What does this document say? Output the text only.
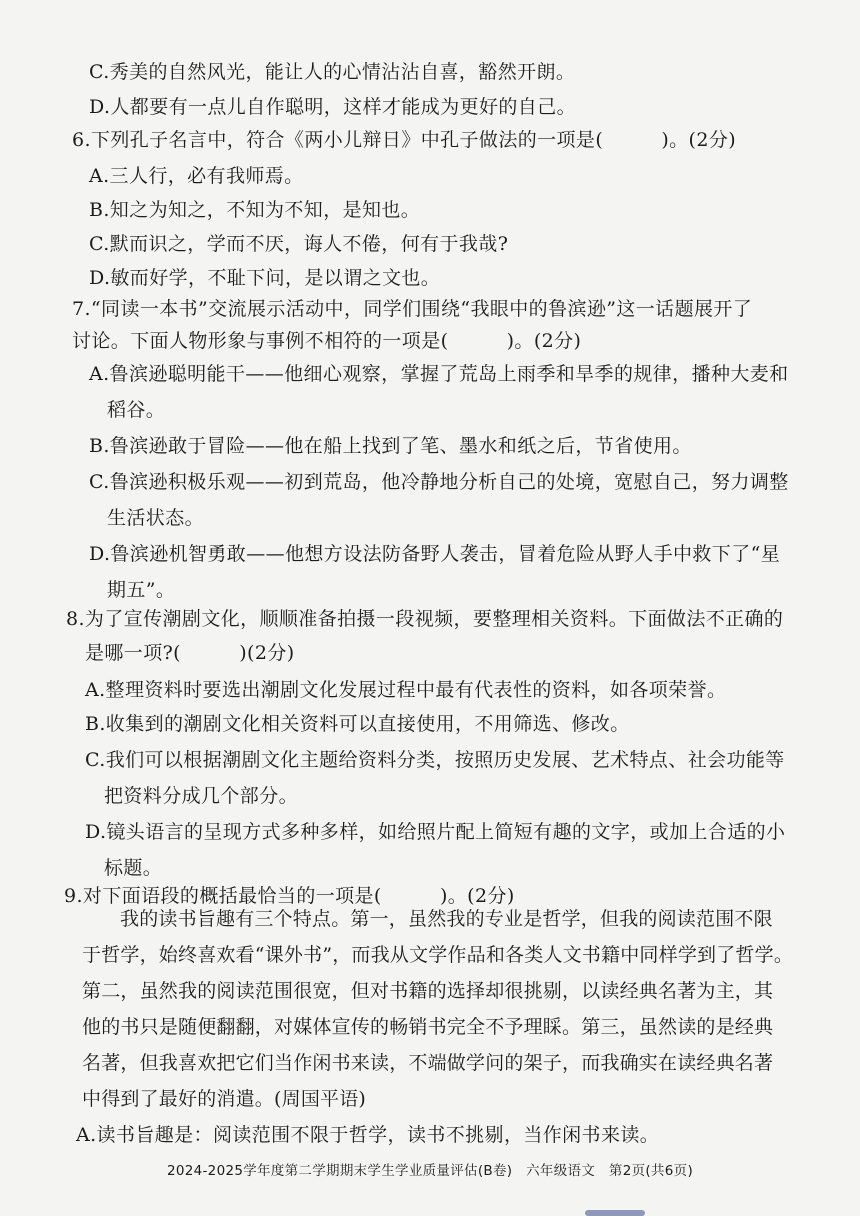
C.秀美的自然风光，能让人的心情沾沾自喜，豁然开朗。
D.人都要有一点儿自作聪明，这样才能成为更好的自己。
6.下列孔子名言中，符合《两小儿辩日》中孔子做法的一项是(　　　)。(2分)
A.三人行，必有我师焉。
B.知之为知之，不知为不知，是知也。
C.默而识之，学而不厌，诲人不倦，何有于我哉?
D.敏而好学，不耻下问，是以谓之文也。
7.“同读一本书”交流展示活动中，同学们围绕“我眼中的鲁滨逊”这一话题展开了
讨论。下面人物形象与事例不相符的一项是(　　　)。(2分)
A.鲁滨逊聪明能干——他细心观察，掌握了荒岛上雨季和旱季的规律，播种大麦和
稻谷。
B.鲁滨逊敢于冒险——他在船上找到了笔、墨水和纸之后，节省使用。
C.鲁滨逊积极乐观——初到荒岛，他冷静地分析自己的处境，宽慰自己，努力调整
生活状态。
D.鲁滨逊机智勇敢——他想方设法防备野人袭击，冒着危险从野人手中救下了“星
期五”。
8.为了宣传潮剧文化，顺顺准备拍摄一段视频，要整理相关资料。下面做法不正确的
是哪一项?(　　　)(2分)
A.整理资料时要选出潮剧文化发展过程中最有代表性的资料，如各项荣誉。
B.收集到的潮剧文化相关资料可以直接使用，不用筛选、修改。
C.我们可以根据潮剧文化主题给资料分类，按照历史发展、艺术特点、社会功能等
把资料分成几个部分。
D.镜头语言的呈现方式多种多样，如给照片配上简短有趣的文字，或加上合适的小
标题。
9.对下面语段的概括最恰当的一项是(　　　)。(2分)
我的读书旨趣有三个特点。第一，虽然我的专业是哲学，但我的阅读范围不限
于哲学，始终喜欢看“课外书”，而我从文学作品和各类人文书籍中同样学到了哲学。
第二，虽然我的阅读范围很宽，但对书籍的选择却很挑剔，以读经典名著为主，其
他的书只是随便翻翻，对媒体宣传的畅销书完全不予理睬。第三，虽然读的是经典
名著，但我喜欢把它们当作闲书来读，不端做学问的架子，而我确实在读经典名著
中得到了最好的消遣。(周国平语)
A.读书旨趣是：阅读范围不限于哲学，读书不挑剔，当作闲书来读。
2024-2025学年度第二学期期末学生学业质量评估(B卷)　六年级语文　第2页(共6页)
